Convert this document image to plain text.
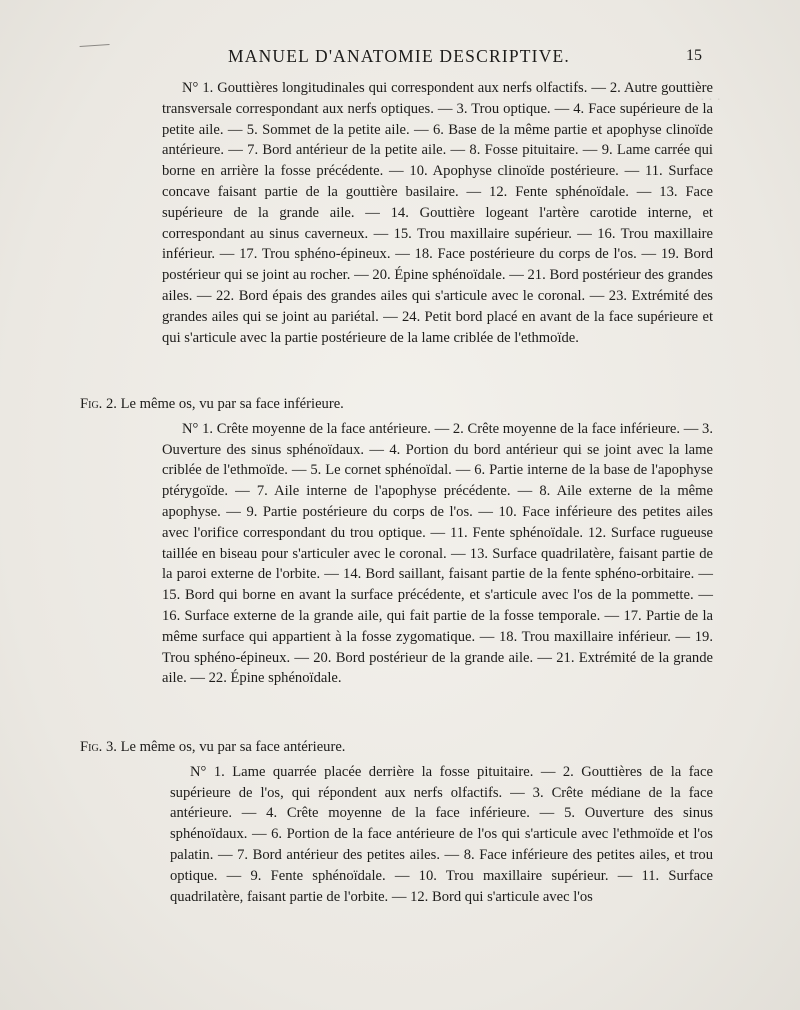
· · ·
MANUEL D'ANATOMIE DESCRIPTIVE.	15

N° 1. Gouttières longitudinales qui correspondent aux nerfs olfactifs. — 2. Autre gouttière transversale correspondant aux nerfs optiques. — 3. Trou optique. — 4. Face supérieure de la petite aile. — 5. Sommet de la petite aile. — 6. Base de la même partie et apophyse clinoïde antérieure. — 7. Bord antérieur de la petite aile. — 8. Fosse pituitaire. — 9. Lame carrée qui borne en arrière la fosse précédente. — 10. Apophyse clinoïde postérieure. — 11. Surface concave faisant partie de la gouttière basilaire. — 12. Fente sphénoïdale. — 13. Face supérieure de la grande aile. — 14. Gouttière logeant l'artère carotide interne, et correspondant au sinus caverneux. — 15. Trou maxillaire supérieur. — 16. Trou maxillaire inférieur. — 17. Trou sphéno-épineux. — 18. Face postérieure du corps de l'os. — 19. Bord postérieur qui se joint au rocher. — 20. Épine sphénoïdale. — 21. Bord postérieur des grandes ailes. — 22. Bord épais des grandes ailes qui s'articule avec le coronal. — 23. Extrémité des grandes ailes qui se joint au pariétal. — 24. Petit bord placé en avant de la face supérieure et qui s'articule avec la partie postérieure de la lame criblée de l'ethmoïde.

Fig. 2. Le même os, vu par sa face inférieure.

N° 1. Crête moyenne de la face antérieure. — 2. Crête moyenne de la face inférieure. — 3. Ouverture des sinus sphénoïdaux. — 4. Portion du bord antérieur qui se joint avec la lame criblée de l'ethmoïde. — 5. Le cornet sphénoïdal. — 6. Partie interne de la base de l'apophyse ptérygoïde. — 7. Aile interne de l'apophyse précédente. — 8. Aile externe de la même apophyse. — 9. Partie postérieure du corps de l'os. — 10. Face inférieure des petites ailes avec l'orifice correspondant du trou optique. — 11. Fente sphénoïdale. 12. Surface rugueuse taillée en biseau pour s'articuler avec le coronal. — 13. Surface quadrilatère, faisant partie de la paroi externe de l'orbite. — 14. Bord saillant, faisant partie de la fente sphéno-orbitaire. — 15. Bord qui borne en avant la surface précédente, et s'articule avec l'os de la pommette. — 16. Surface externe de la grande aile, qui fait partie de la fosse temporale. — 17. Partie de la même surface qui appartient à la fosse zygomatique. — 18. Trou maxillaire inférieur. — 19. Trou sphéno-épineux. — 20. Bord postérieur de la grande aile. — 21. Extrémité de la grande aile. — 22. Épine sphénoïdale.

Fig. 3. Le même os, vu par sa face antérieure.

N° 1. Lame quarrée placée derrière la fosse pituitaire. — 2. Gouttières de la face supérieure de l'os, qui répondent aux nerfs olfactifs. — 3. Crête médiane de la face antérieure. — 4. Crête moyenne de la face inférieure. — 5. Ouverture des sinus sphénoïdaux. — 6. Portion de la face antérieure de l'os qui s'articule avec l'ethmoïde et l'os palatin. — 7. Bord antérieur des petites ailes. — 8. Face inférieure des petites ailes, et trou optique. — 9. Fente sphénoïdale. — 10. Trou maxillaire supérieur. — 11. Surface quadrilatère, faisant partie de l'orbite. — 12. Bord qui s'articule avec l'os
